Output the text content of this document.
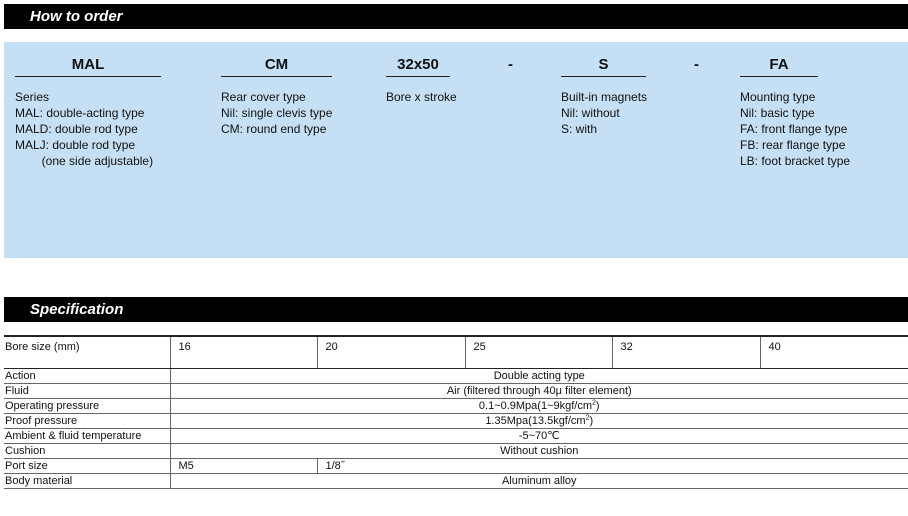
How to order
MAL
Series
MAL: double-acting type
MALD: double rod type
MALJ: double rod type
(one side adjustable)
CM
Rear cover type
Nil: single clevis type
CM: round end type
32x50
Bore x stroke
-	S
Built-in magnets
Nil: without
S: with
-	FA
Mounting type
Nil: basic type
FA: front flange type
FB: rear flange type
LB: foot bracket type
Specification
Bore size (mm)	16	20	25	32	40
Action	Double acting type				
Fluid	Air (filtered through 40μ filter element)				
Operating pressure	$0.1\sim 0.9Mpa(1\sim 9kgf/cm^2)$				
Proof pressure	$1.35Mpa(13.5kgf/cm^2)$				
Ambient & fluid temperature	-5~70℃				
Cushion	Without cushion				
Port size	M5	1/8˝			
Body material	Aluminum alloy				
